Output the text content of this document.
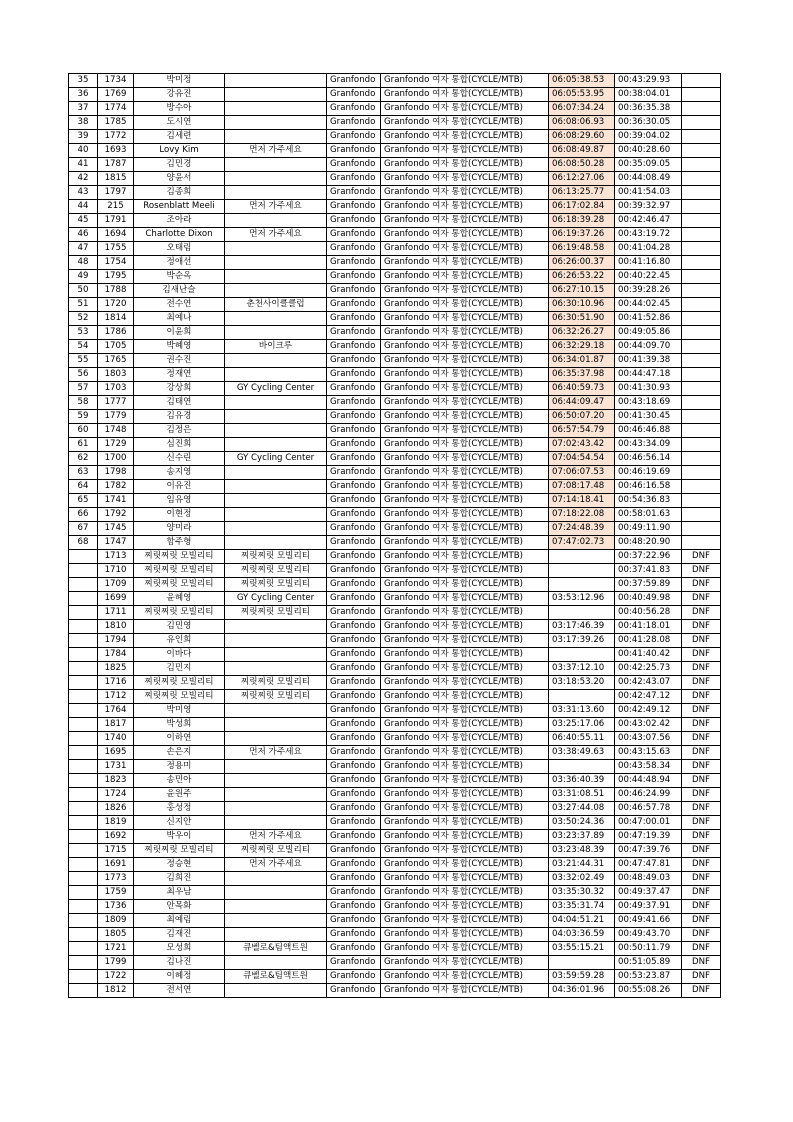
35	1734	박미정		Granfondo	Granfondo 여자 통합(CYCLE/MTB)	06:05:38.53	00:43:29.93	
36	1769	강유진		Granfondo	Granfondo 여자 통합(CYCLE/MTB)	06:05:53.95	00:38:04.01	
37	1774	방수아		Granfondo	Granfondo 여자 통합(CYCLE/MTB)	06:07:34.24	00:36:35.38	
38	1785	도시연		Granfondo	Granfondo 여자 통합(CYCLE/MTB)	06:08:06.93	00:36:30.05	
39	1772	김세련		Granfondo	Granfondo 여자 통합(CYCLE/MTB)	06:08:29.60	00:39:04.02	
40	1693	Lovy Kim	먼저 가주세요	Granfondo	Granfondo 여자 통합(CYCLE/MTB)	06:08:49.87	00:40:28.60	
41	1787	김민경		Granfondo	Granfondo 여자 통합(CYCLE/MTB)	06:08:50.28	00:35:09.05	
42	1815	양윤서		Granfondo	Granfondo 여자 통합(CYCLE/MTB)	06:12:27.06	00:44:08.49	
43	1797	김종희		Granfondo	Granfondo 여자 통합(CYCLE/MTB)	06:13:25.77	00:41:54.03	
44	215	Rosenblatt Meeli	먼저 가주세요	Granfondo	Granfondo 여자 통합(CYCLE/MTB)	06:17:02.84	00:39:32.97	
45	1791	조아라		Granfondo	Granfondo 여자 통합(CYCLE/MTB)	06:18:39.28	00:42:46.47	
46	1694	Charlotte Dixon	먼저 가주세요	Granfondo	Granfondo 여자 통합(CYCLE/MTB)	06:19:37.26	00:43:19.72	
47	1755	오태림		Granfondo	Granfondo 여자 통합(CYCLE/MTB)	06:19:48.58	00:41:04.28	
48	1754	정애선		Granfondo	Granfondo 여자 통합(CYCLE/MTB)	06:26:00.37	00:41:16.80	
49	1795	박순옥		Granfondo	Granfondo 여자 통합(CYCLE/MTB)	06:26:53.22	00:40:22.45	
50	1788	김새난슬		Granfondo	Granfondo 여자 통합(CYCLE/MTB)	06:27:10.15	00:39:28.26	
51	1720	전수연	춘천사이클클럽	Granfondo	Granfondo 여자 통합(CYCLE/MTB)	06:30:10.96	00:44:02.45	
52	1814	최예나		Granfondo	Granfondo 여자 통합(CYCLE/MTB)	06:30:51.90	00:41:52.86	
53	1786	이윤희		Granfondo	Granfondo 여자 통합(CYCLE/MTB)	06:32:26.27	00:49:05.86	
54	1705	박혜영	바이크루	Granfondo	Granfondo 여자 통합(CYCLE/MTB)	06:32:29.18	00:44:09.70	
55	1765	권수진		Granfondo	Granfondo 여자 통합(CYCLE/MTB)	06:34:01.87	00:41:39.38	
56	1803	정재연		Granfondo	Granfondo 여자 통합(CYCLE/MTB)	06:35:37.98	00:44:47.18	
57	1703	강상희	GY Cycling Center	Granfondo	Granfondo 여자 통합(CYCLE/MTB)	06:40:59.73	00:41:30.93	
58	1777	김태연		Granfondo	Granfondo 여자 통합(CYCLE/MTB)	06:44:09.47	00:43:18.69	
59	1779	김유경		Granfondo	Granfondo 여자 통합(CYCLE/MTB)	06:50:07.20	00:41:30.45	
60	1748	김정은		Granfondo	Granfondo 여자 통합(CYCLE/MTB)	06:57:54.79	00:46:46.88	
61	1729	심진희		Granfondo	Granfondo 여자 통합(CYCLE/MTB)	07:02:43.42	00:43:34.09	
62	1700	신수린	GY Cycling Center	Granfondo	Granfondo 여자 통합(CYCLE/MTB)	07:04:54.54	00:46:56.14	
63	1798	송지영		Granfondo	Granfondo 여자 통합(CYCLE/MTB)	07:06:07.53	00:46:19.69	
64	1782	이유진		Granfondo	Granfondo 여자 통합(CYCLE/MTB)	07:08:17.48	00:46:16.58	
65	1741	임유영		Granfondo	Granfondo 여자 통합(CYCLE/MTB)	07:14:18.41	00:54:36.83	
66	1792	이현정		Granfondo	Granfondo 여자 통합(CYCLE/MTB)	07:18:22.08	00:58:01.63	
67	1745	양미라		Granfondo	Granfondo 여자 통합(CYCLE/MTB)	07:24:48.39	00:49:11.90	
68	1747	함주형		Granfondo	Granfondo 여자 통합(CYCLE/MTB)	07:47:02.73	00:48:20.90	
	1713	찌릿찌릿 모빌리티	찌릿찌릿 모빌리티	Granfondo	Granfondo 여자 통합(CYCLE/MTB)		00:37:22.96	DNF
	1710	찌릿찌릿 모빌리티	찌릿찌릿 모빌리티	Granfondo	Granfondo 여자 통합(CYCLE/MTB)		00:37:41.83	DNF
	1709	찌릿찌릿 모빌리티	찌릿찌릿 모빌리티	Granfondo	Granfondo 여자 통합(CYCLE/MTB)		00:37:59.89	DNF
	1699	윤혜영	GY Cycling Center	Granfondo	Granfondo 여자 통합(CYCLE/MTB)	03:53:12.96	00:40:49.98	DNF
	1711	찌릿찌릿 모빌리티	찌릿찌릿 모빌리티	Granfondo	Granfondo 여자 통합(CYCLE/MTB)		00:40:56.28	DNF
	1810	김민영		Granfondo	Granfondo 여자 통합(CYCLE/MTB)	03:17:46.39	00:41:18.01	DNF
	1794	유인희		Granfondo	Granfondo 여자 통합(CYCLE/MTB)	03:17:39.26	00:41:28.08	DNF
	1784	이바다		Granfondo	Granfondo 여자 통합(CYCLE/MTB)		00:41:40.42	DNF
	1825	김민지		Granfondo	Granfondo 여자 통합(CYCLE/MTB)	03:37:12.10	00:42:25.73	DNF
	1716	찌릿찌릿 모빌리티	찌릿찌릿 모빌리티	Granfondo	Granfondo 여자 통합(CYCLE/MTB)	03:18:53.20	00:42:43.07	DNF
	1712	찌릿찌릿 모빌리티	찌릿찌릿 모빌리티	Granfondo	Granfondo 여자 통합(CYCLE/MTB)		00:42:47.12	DNF
	1764	박미영		Granfondo	Granfondo 여자 통합(CYCLE/MTB)	03:31:13.60	00:42:49.12	DNF
	1817	박성희		Granfondo	Granfondo 여자 통합(CYCLE/MTB)	03:25:17.06	00:43:02.42	DNF
	1740	이하연		Granfondo	Granfondo 여자 통합(CYCLE/MTB)	06:40:55.11	00:43:07.56	DNF
	1695	손은지	먼저 가주세요	Granfondo	Granfondo 여자 통합(CYCLE/MTB)	03:38:49.63	00:43:15.63	DNF
	1731	정용미		Granfondo	Granfondo 여자 통합(CYCLE/MTB)		00:43:58.34	DNF
	1823	송민아		Granfondo	Granfondo 여자 통합(CYCLE/MTB)	03:36:40.39	00:44:48.94	DNF
	1724	윤원주		Granfondo	Granfondo 여자 통합(CYCLE/MTB)	03:31:08.51	00:46:24.99	DNF
	1826	홍성정		Granfondo	Granfondo 여자 통합(CYCLE/MTB)	03:27:44.08	00:46:57.78	DNF
	1819	신지안		Granfondo	Granfondo 여자 통합(CYCLE/MTB)	03:50:24.36	00:47:00.01	DNF
	1692	박우이	먼저 가주세요	Granfondo	Granfondo 여자 통합(CYCLE/MTB)	03:23:37.89	00:47:19.39	DNF
	1715	찌릿찌릿 모빌리티	찌릿찌릿 모빌리티	Granfondo	Granfondo 여자 통합(CYCLE/MTB)	03:23:48.39	00:47:39.76	DNF
	1691	정승현	먼저 가주세요	Granfondo	Granfondo 여자 통합(CYCLE/MTB)	03:21:44.31	00:47:47.81	DNF
	1773	김희진		Granfondo	Granfondo 여자 통합(CYCLE/MTB)	03:32:02.49	00:48:49.03	DNF
	1759	최우남		Granfondo	Granfondo 여자 통합(CYCLE/MTB)	03:35:30.32	00:49:37.47	DNF
	1736	안목화		Granfondo	Granfondo 여자 통합(CYCLE/MTB)	03:35:31.74	00:49:37.91	DNF
	1809	최예림		Granfondo	Granfondo 여자 통합(CYCLE/MTB)	04:04:51.21	00:49:41.66	DNF
	1805	김재진		Granfondo	Granfondo 여자 통합(CYCLE/MTB)	04:03:36.59	00:49:43.70	DNF
	1721	모성희	큐벨로&팀액트원	Granfondo	Granfondo 여자 통합(CYCLE/MTB)	03:55:15.21	00:50:11.79	DNF
	1799	김나진		Granfondo	Granfondo 여자 통합(CYCLE/MTB)		00:51:05.89	DNF
	1722	이혜정	큐벨로&팀액트원	Granfondo	Granfondo 여자 통합(CYCLE/MTB)	03:59:59.28	00:53:23.87	DNF
	1812	전서연		Granfondo	Granfondo 여자 통합(CYCLE/MTB)	04:36:01.96	00:55:08.26	DNF
